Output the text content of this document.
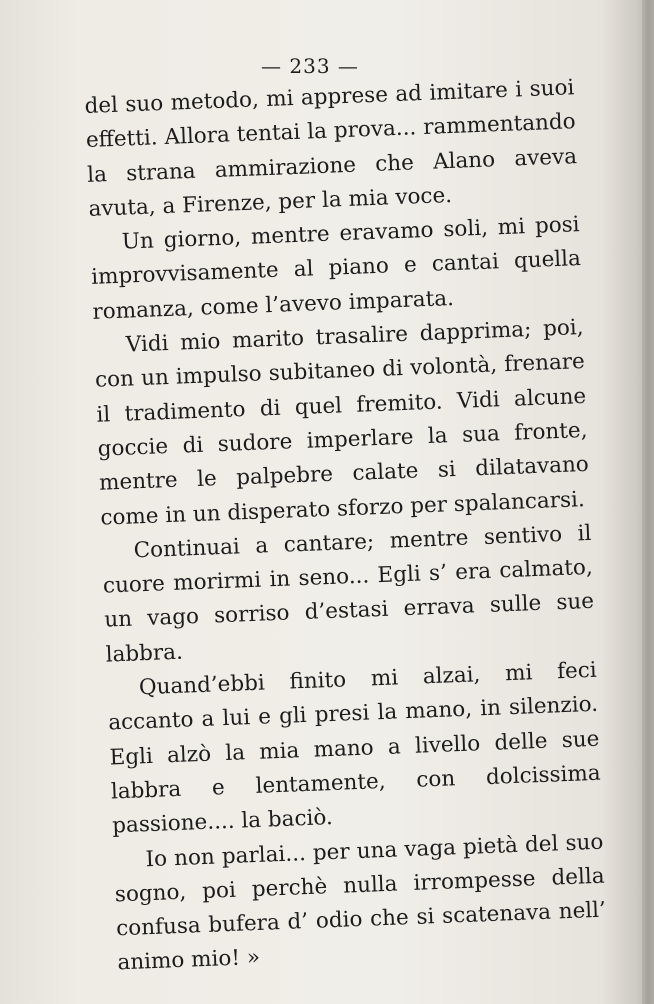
— 233 —

del suo metodo, mi apprese ad imitare i suoi effetti. Allora tentai la prova... rammentando la strana ammirazione che Alano aveva avuta, a Firenze, per la mia voce.

Un giorno, mentre eravamo soli, mi posi improvvisamente al piano e cantai quella romanza, come l’avevo imparata.

Vidi mio marito trasalire dapprima; poi, con un impulso subitaneo di volontà, frenare il tradimento di quel fremito. Vidi alcune goccie di sudore imperlare la sua fronte, mentre le palpebre calate si dilatavano come in un disperato sforzo per spalancarsi.

Continuai a cantare; mentre sentivo il cuore morirmi in seno... Egli s’ era calmato, un vago sorriso d’estasi errava sulle sue labbra.

Quand’ebbi finito mi alzai, mi feci accanto a lui e gli presi la mano, in silenzio. Egli alzò la mia mano a livello delle sue labbra e lentamente, con dolcissima passione.... la baciò.

Io non parlai... per una vaga pietà del suo sogno, poi perchè nulla irrompesse della confusa bufera d’ odio che si scatenava nell’ animo mio! »
